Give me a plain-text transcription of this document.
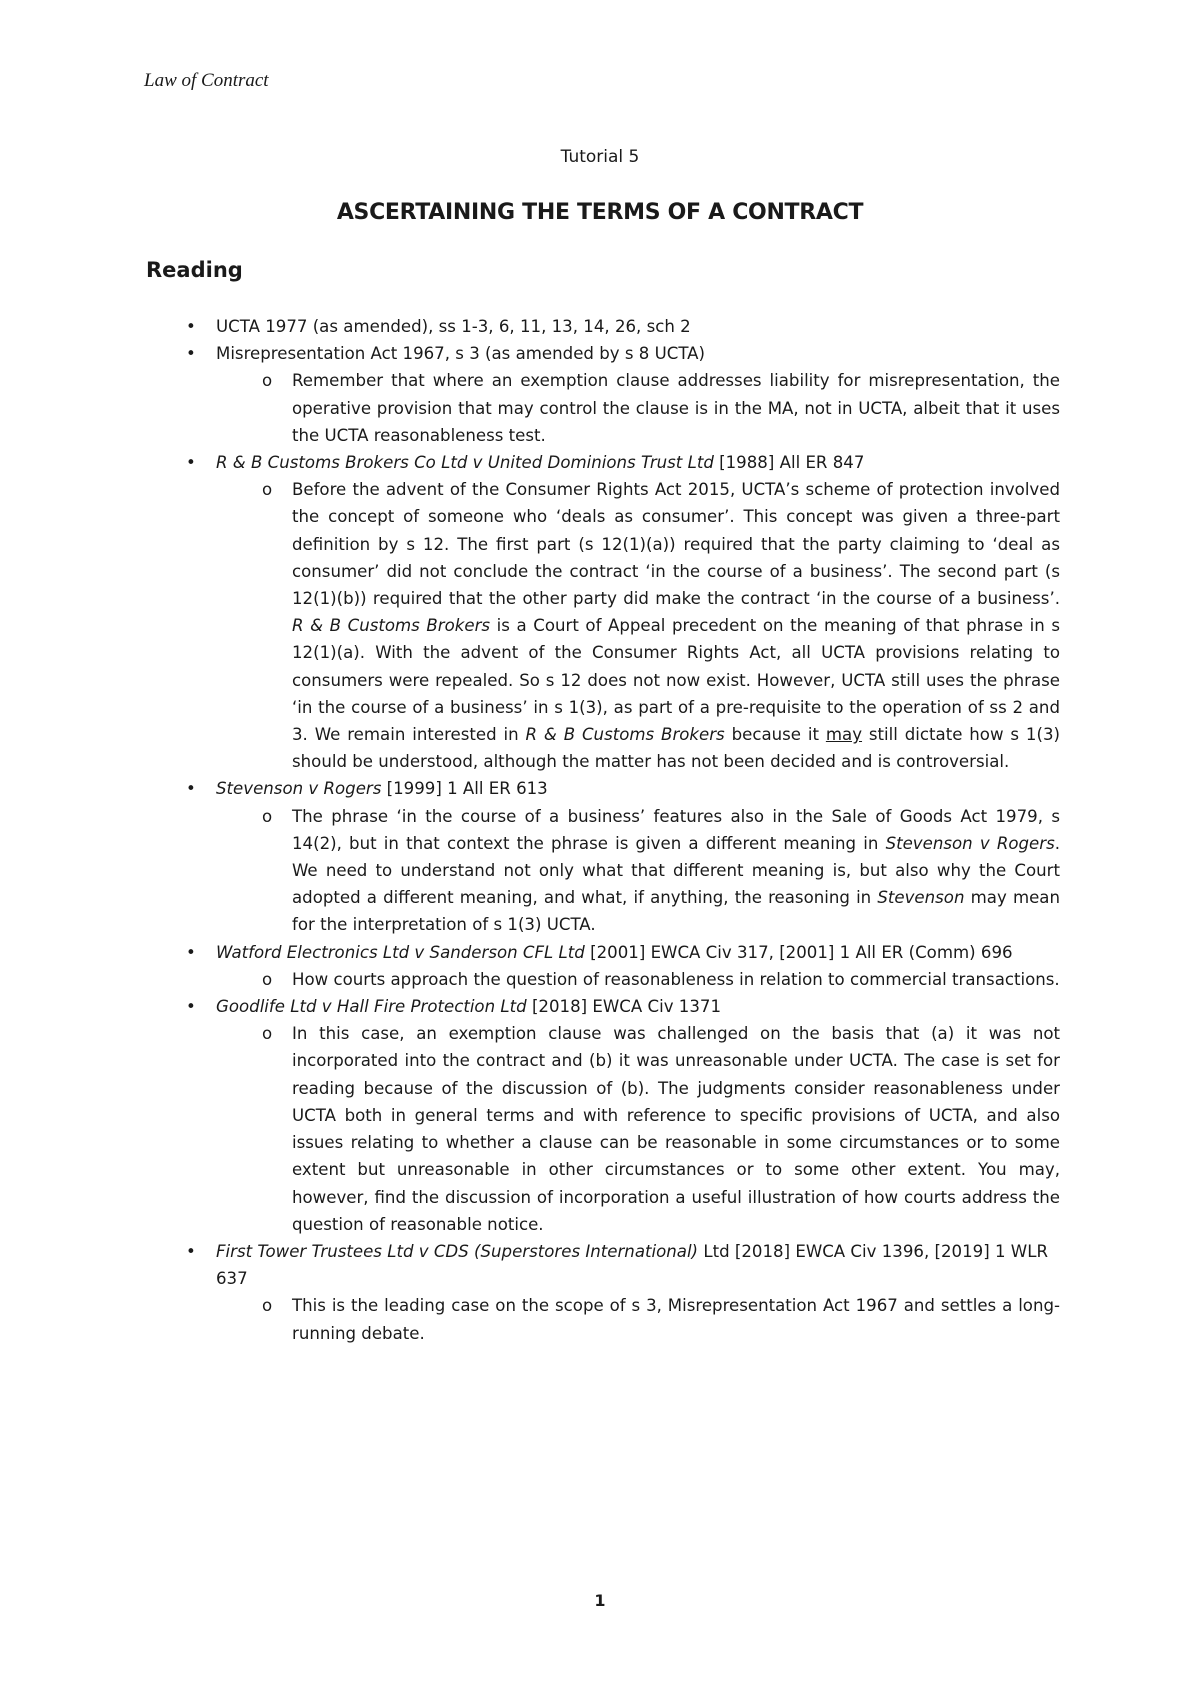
Law of Contract
Tutorial 5
ASCERTAINING THE TERMS OF A CONTRACT
Reading
• UCTA 1977 (as amended), ss 1-3, 6, 11, 13, 14, 26, sch 2
• Misrepresentation Act 1967, s 3 (as amended by s 8 UCTA)
o Remember that where an exemption clause addresses liability for misrepresentation, the operative provision that may control the clause is in the MA, not in UCTA, albeit that it uses the UCTA reasonableness test.
• R & B Customs Brokers Co Ltd v United Dominions Trust Ltd [1988] All ER 847
o Before the advent of the Consumer Rights Act 2015, UCTA’s scheme of protection involved the concept of someone who ‘deals as consumer’. This concept was given a three-part definition by s 12. The first part (s 12(1)(a)) required that the party claiming to ‘deal as consumer’ did not conclude the contract ‘in the course of a business’. The second part (s 12(1)(b)) required that the other party did make the contract ‘in the course of a business’. R & B Customs Brokers is a Court of Appeal precedent on the meaning of that phrase in s 12(1)(a). With the advent of the Consumer Rights Act, all UCTA provisions relating to consumers were repealed. So s 12 does not now exist. However, UCTA still uses the phrase ‘in the course of a business’ in s 1(3), as part of a pre-requisite to the operation of ss 2 and 3. We remain interested in R & B Customs Brokers because it may still dictate how s 1(3) should be understood, although the matter has not been decided and is controversial.
• Stevenson v Rogers [1999] 1 All ER 613
o The phrase ‘in the course of a business’ features also in the Sale of Goods Act 1979, s 14(2), but in that context the phrase is given a different meaning in Stevenson v Rogers. We need to understand not only what that different meaning is, but also why the Court adopted a different meaning, and what, if anything, the reasoning in Stevenson may mean for the interpretation of s 1(3) UCTA.
• Watford Electronics Ltd v Sanderson CFL Ltd [2001] EWCA Civ 317, [2001] 1 All ER (Comm) 696
o How courts approach the question of reasonableness in relation to commercial transactions.
• Goodlife Ltd v Hall Fire Protection Ltd [2018] EWCA Civ 1371
o In this case, an exemption clause was challenged on the basis that (a) it was not incorporated into the contract and (b) it was unreasonable under UCTA. The case is set for reading because of the discussion of (b). The judgments consider reasonableness under UCTA both in general terms and with reference to specific provisions of UCTA, and also issues relating to whether a clause can be reasonable in some circumstances or to some extent but unreasonable in other circumstances or to some other extent. You may, however, find the discussion of incorporation a useful illustration of how courts address the question of reasonable notice.
• First Tower Trustees Ltd v CDS (Superstores International) Ltd [2018] EWCA Civ 1396, [2019] 1 WLR 637
o This is the leading case on the scope of s 3, Misrepresentation Act 1967 and settles a long-running debate.
1
